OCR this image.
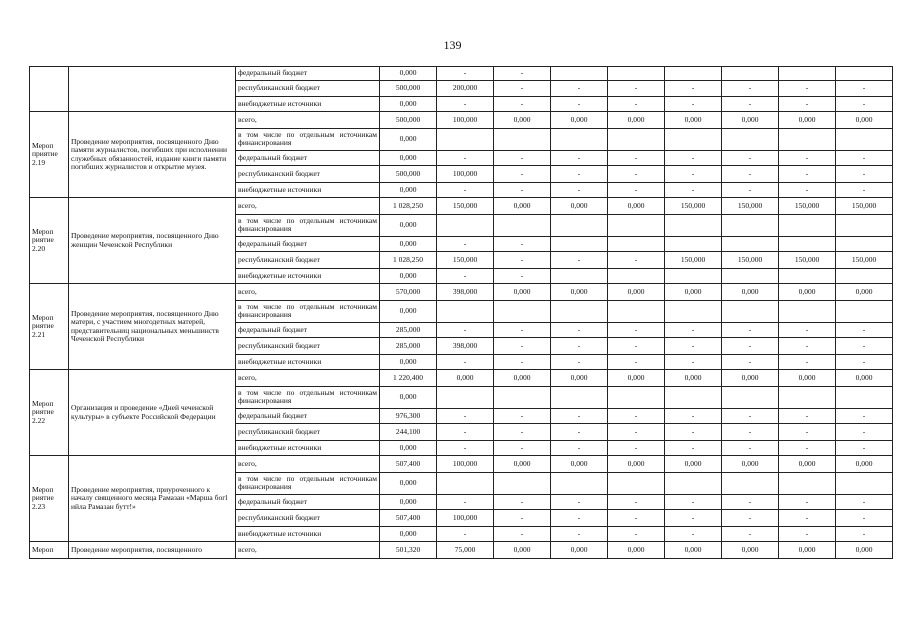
139
		федеральный бюджет	0,000	-	-						
		республиканский бюджет	500,000	200,000	-	-	-	-	-	-	-
		внебюджетные источники	0,000	-	-	-	-	-	-	-	-
Мероп приятие 2.19	Проведение мероприятия, посвященного Дню памяти журналистов, погибших при исполнении служебных обязанностей, издание книги памяти погибших журналистов и открытие музея.	всего,	500,000	100,000	0,000	0,000	0,000	0,000	0,000	0,000	0,000
		в том числе по отдельным источникам финансирования	0,000								
		федеральный бюджет	0,000	-	-	-	-	-	-	-	-
		республиканский бюджет	500,000	100,000	-	-	-	-	-	-	-
		внебюджетные источники	0,000	-	-	-	-	-	-	-	-
Мероп риятие 2.20	Проведение мероприятия, посвященного Дню женщин Чеченской Республики	всего,	1 028,250	150,000	0,000	0,000	0,000	150,000	150,000	150,000	150,000
		в том числе по отдельным источникам финансирования	0,000								
		федеральный бюджет	0,000	-	-						
		республиканский бюджет	1 028,250	150,000	-	-	-	150,000	150,000	150,000	150,000
		внебюджетные источники	0,000	-	-						
Мероп риятие 2.21	Проведение мероприятия, посвященного Дню матери, с участием многодетных матерей, представительниц национальных меньшинств Чеченской Республики	всего,	570,000	398,000	0,000	0,000	0,000	0,000	0,000	0,000	0,000
		в том числе по отдельным источникам финансирования	0,000								
		федеральный бюджет	285,000	-	-	-	-	-	-	-	-
		республиканский бюджет	285,000	398,000	-	-	-	-	-	-	-
		внебюджетные источники	0,000	-	-	-	-	-	-	-	-
Мероп риятие 2.22	Организация и проведение «Дней чеченской культуры» в субъекте Российской Федерации	всего,	1 220,400	0,000	0,000	0,000	0,000	0,000	0,000	0,000	0,000
		в том числе по отдельным источникам финансирования	0,000								
		федеральный бюджет	976,300	-	-	-	-	-	-	-	-
		республиканский бюджет	244,100	-	-	-	-	-	-	-	-
		внебюджетные источники	0,000	-	-	-	-	-	-	-	-
Мероп риятие 2.23	Проведение мероприятия, приуроченного к началу священного месяца Рамазан «Марша богl ийла Рамазан бутт!»	всего,	507,400	100,000	0,000	0,000	0,000	0,000	0,000	0,000	0,000
		в том числе по отдельным источникам финансирования	0,000								
		федеральный бюджет	0,000	-	-	-	-	-	-	-	-
		республиканский бюджет	507,400	100,000	-	-	-	-	-	-	-
		внебюджетные источники	0,000	-	-	-	-	-	-	-	-
Мероп	Проведение мероприятия, посвященного	всего,	501,320	75,000	0,000	0,000	0,000	0,000	0,000	0,000	0,000
